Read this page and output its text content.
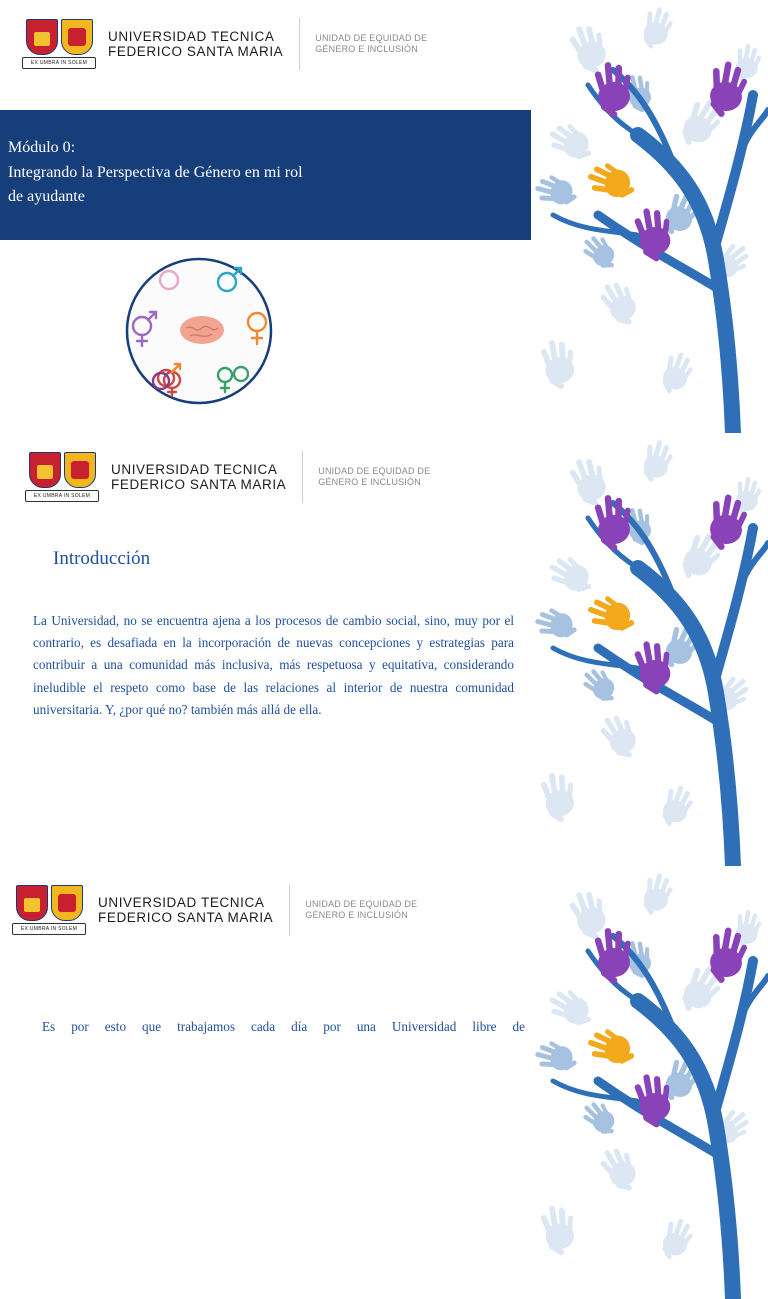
EX UMBRA IN SOLEM
UNIVERSIDAD TECNICA
FEDERICO SANTA MARIA
UNIDAD DE EQUIDAD DE
GÉNERO E INCLUSIÓN
Módulo 0:
Integrando la Perspectiva de Género en mi rol
de ayudante
EX UMBRA IN SOLEM
UNIVERSIDAD TECNICA
FEDERICO SANTA MARIA
UNIDAD DE EQUIDAD DE
GÉNERO E INCLUSIÓN
Introducción

La Universidad, no se encuentra ajena a los procesos de cambio social, sino, muy por el contrario, es desafiada en la incorporación de nuevas concepciones y estrategias para contribuir a una comunidad más inclusiva, más respetuosa y equitativa, considerando ineludible el respeto como base de las relaciones al interior de nuestra comunidad universitaria. Y, ¿por qué no? también más allá de ella.

EX UMBRA IN SOLEM
UNIVERSIDAD TECNICA
FEDERICO SANTA MARIA
UNIDAD DE EQUIDAD DE
GÉNERO E INCLUSIÓN

Es por esto que trabajamos cada día por una Universidad libre de
